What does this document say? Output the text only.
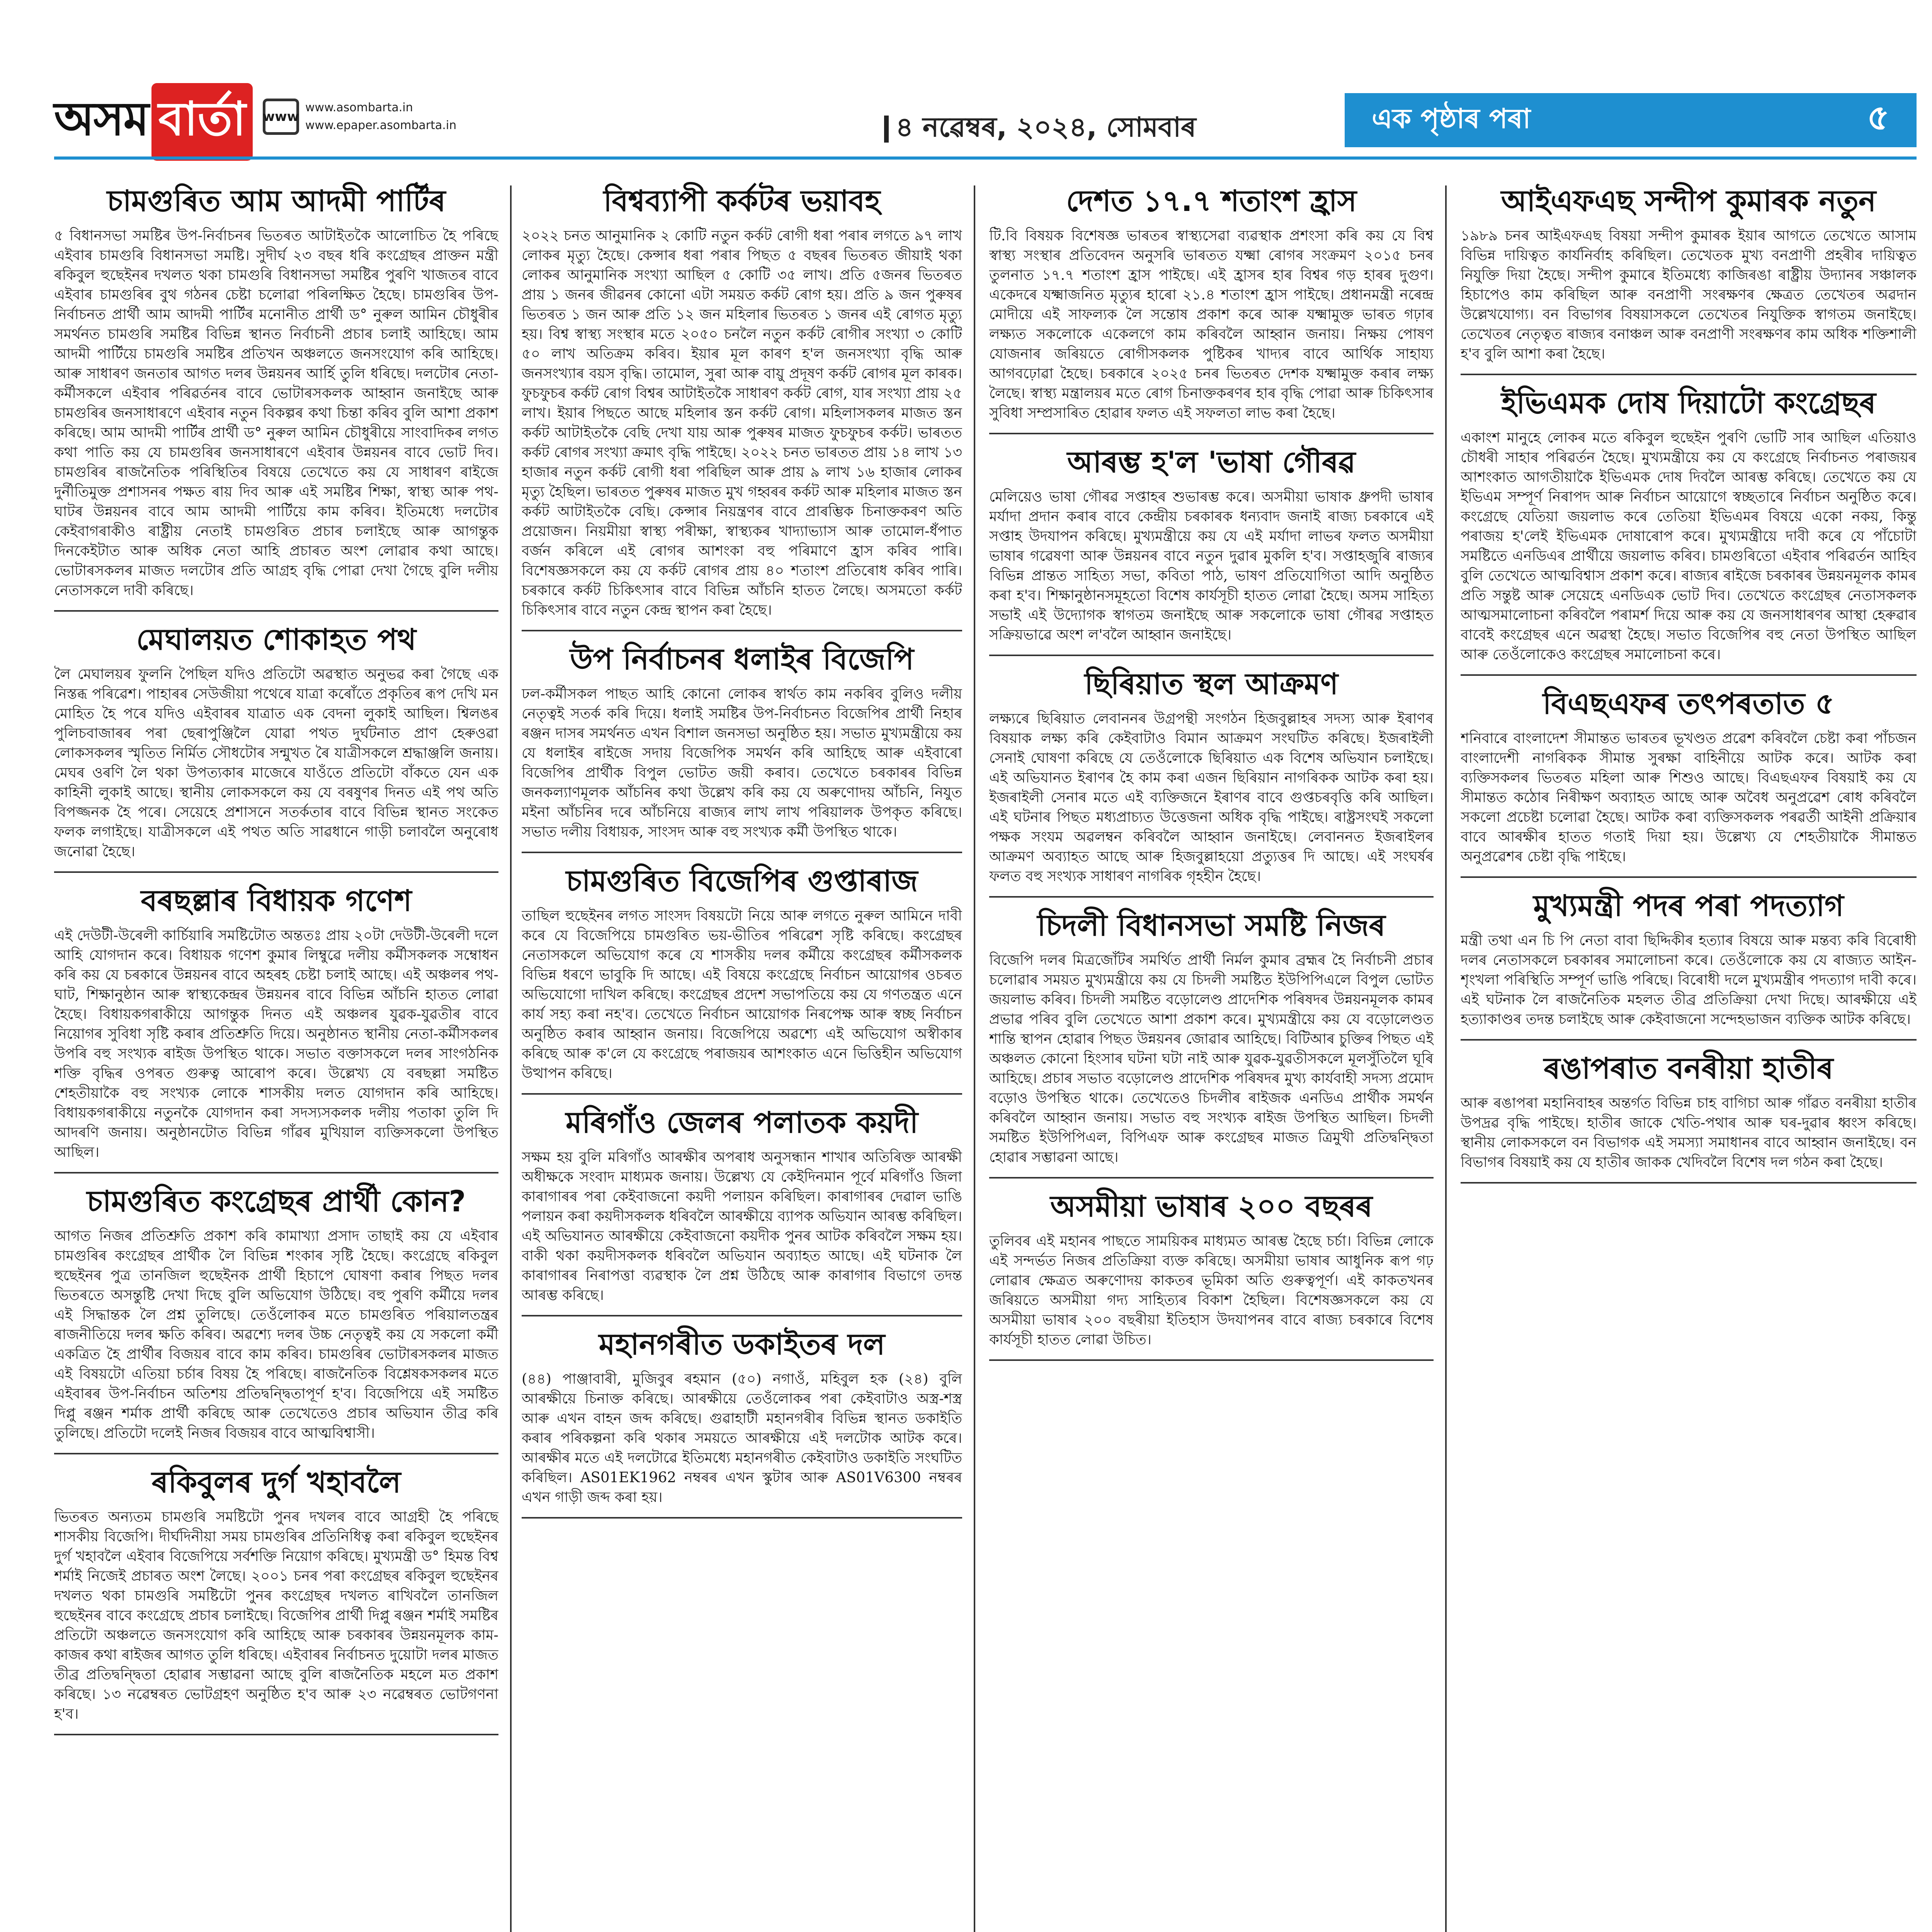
অসম বাৰ্তা	www
www.asombarta.in
www.epaper.asombarta.in	৪ নৱেম্বৰ, ২০২৪, সোমবাৰ	এক পৃষ্ঠাৰ পৰা	৫
চামগুৰিত আম আদমী পাৰ্টিৰ

৫ বিধানসভা সমষ্টিৰ উপ-নিৰ্বাচনৰ ভিতৰত আটাইতকৈ আলোচিত হৈ পৰিছে এইবাৰ চামগুৰি বিধানসভা সমষ্টি। সুদীৰ্ঘ ২৩ বছৰ ধৰি কংগ্ৰেছৰ প্ৰাক্তন মন্ত্ৰী ৰকিবুল হুছেইনৰ দখলত থকা চামগুৰি বিধানসভা সমষ্টিৰ পুৰণি খাজতৰ বাবে এইবাৰ চামগুৰিৰ বুথ গঠনৰ চেষ্টা চলোৱা পৰিলক্ষিত হৈছে। চামগুৰিৰ উপ-নিৰ্বাচনত প্ৰাৰ্থী আম আদমী পাৰ্টিৰ মনোনীত প্ৰাৰ্থী ড° নুৰুল আমিন চৌধুৰীৰ সমৰ্থনত চামগুৰি সমষ্টিৰ বিভিন্ন স্থানত নিৰ্বাচনী প্ৰচাৰ চলাই আহিছে। আম আদমী পাৰ্টিয়ে চামগুৰি সমষ্টিৰ প্ৰতিখন অঞ্চলতে জনসংযোগ কৰি আহিছে। আৰু সাধাৰণ জনতাৰ আগত দলৰ উন্নয়নৰ আৰ্হি তুলি ধৰিছে। দলটোৰ নেতা-কৰ্মীসকলে এইবাৰ পৰিৱৰ্তনৰ বাবে ভোটাৰসকলক আহ্বান জনাইছে আৰু চামগুৰিৰ জনসাধাৰণে এইবাৰ নতুন বিকল্পৰ কথা চিন্তা কৰিব বুলি আশা প্ৰকাশ কৰিছে। আম আদমী পাৰ্টিৰ প্ৰাৰ্থী ড° নুৰুল আমিন চৌধুৰীয়ে সাংবাদিকৰ লগত কথা পাতি কয় যে চামগুৰিৰ জনসাধাৰণে এইবাৰ উন্নয়নৰ বাবে ভোট দিব। চামগুৰিৰ ৰাজনৈতিক পৰিস্থিতিৰ বিষয়ে তেখেতে কয় যে সাধাৰণ ৰাইজে দুৰ্নীতিমুক্ত প্ৰশাসনৰ পক্ষত ৰায় দিব আৰু এই সমষ্টিৰ শিক্ষা, স্বাস্থ্য আৰু পথ-ঘাটৰ উন্নয়নৰ বাবে আম আদমী পাৰ্টিয়ে কাম কৰিব। ইতিমধ্যে দলটোৰ কেইবাগৰাকীও ৰাষ্ট্ৰীয় নেতাই চামগুৰিত প্ৰচাৰ চলাইছে আৰু আগন্তুক দিনকেইটাত আৰু অধিক নেতা আহি প্ৰচাৰত অংশ লোৱাৰ কথা আছে। ভোটাৰসকলৰ মাজত দলটোৰ প্ৰতি আগ্ৰহ বৃদ্ধি পোৱা দেখা গৈছে বুলি দলীয় নেতাসকলে দাবী কৰিছে।

মেঘালয়ত শোকাহত পথ

লৈ মেঘালয়ৰ ফুলনি পৈছিল যদিও প্ৰতিটো অৱস্থাত অনুভৱ কৰা গৈছে এক নিস্তব্ধ পৰিৱেশ। পাহাৰৰ সেউজীয়া পথেৰে যাত্ৰা কৰোঁতে প্ৰকৃতিৰ ৰূপ দেখি মন মোহিত হৈ পৰে যদিও এইবাৰৰ যাত্ৰাত এক বেদনা লুকাই আছিল। শ্বিলঙৰ পুলিচবাজাৰৰ পৰা ছেৰাপুঞ্জিলৈ যোৱা পথত দুৰ্ঘটনাত প্ৰাণ হেৰুওৱা লোকসকলৰ স্মৃতিত নিৰ্মিত সৌধটোৰ সন্মুখত ৰৈ যাত্ৰীসকলে শ্ৰদ্ধাঞ্জলি জনায়। মেঘৰ ওৰণি লৈ থকা উপত্যকাৰ মাজেৰে যাওঁতে প্ৰতিটো বাঁকতে যেন এক কাহিনী লুকাই আছে। স্থানীয় লোকসকলে কয় যে বৰষুণৰ দিনত এই পথ অতি বিপজ্জনক হৈ পৰে। সেয়েহে প্ৰশাসনে সতৰ্কতাৰ বাবে বিভিন্ন স্থানত সংকেত ফলক লগাইছে। যাত্ৰীসকলে এই পথত অতি সাৱধানে গাড়ী চলাবলৈ অনুৰোধ জনোৱা হৈছে।

বৰছল্লাৰ বিধায়ক গণেশ

এই দেউটী-উৰেলী কাৰ্চিয়াৰি সমষ্টিটোত অন্ততঃ প্ৰায় ২০টা দেউটী-উৰেলী দলে আহি যোগদান কৰে। বিধায়ক গণেশ কুমাৰ লিম্বুৱে দলীয় কৰ্মীসকলক সম্বোধন কৰি কয় যে চৰকাৰে উন্নয়নৰ বাবে অহৰহ চেষ্টা চলাই আছে। এই অঞ্চলৰ পথ-ঘাট, শিক্ষানুষ্ঠান আৰু স্বাস্থ্যকেন্দ্ৰৰ উন্নয়নৰ বাবে বিভিন্ন আঁচনি হাতত লোৱা হৈছে। বিধায়কগৰাকীয়ে আগন্তুক দিনত এই অঞ্চলৰ যুৱক-যুৱতীৰ বাবে নিয়োগৰ সুবিধা সৃষ্টি কৰাৰ প্ৰতিশ্ৰুতি দিয়ে। অনুষ্ঠানত স্থানীয় নেতা-কৰ্মীসকলৰ উপৰি বহু সংখ্যক ৰাইজ উপস্থিত থাকে। সভাত বক্তাসকলে দলৰ সাংগঠনিক শক্তি বৃদ্ধিৰ ওপৰত গুৰুত্ব আৰোপ কৰে। উল্লেখ্য যে বৰছল্লা সমষ্টিত শেহতীয়াকৈ বহু সংখ্যক লোকে শাসকীয় দলত যোগদান কৰি আহিছে। বিধায়কগৰাকীয়ে নতুনকৈ যোগদান কৰা সদস্যসকলক দলীয় পতাকা তুলি দি আদৰণি জনায়। অনুষ্ঠানটোত বিভিন্ন গাঁৱৰ মুখিয়াল ব্যক্তিসকলো উপস্থিত আছিল।

চামগুৰিত কংগ্ৰেছৰ প্ৰাৰ্থী কোন?

আগত নিজৰ প্ৰতিশ্ৰুতি প্ৰকাশ কৰি কামাখ্যা প্ৰসাদ তাছাই কয় যে এইবাৰ চামগুৰিৰ কংগ্ৰেছৰ প্ৰাৰ্থীক লৈ বিভিন্ন শংকাৰ সৃষ্টি হৈছে। কংগ্ৰেছে ৰকিবুল হুছেইনৰ পুত্ৰ তানজিল হুছেইনক প্ৰাৰ্থী হিচাপে ঘোষণা কৰাৰ পিছত দলৰ ভিতৰতে অসন্তুষ্টি দেখা দিছে বুলি অভিযোগ উঠিছে। বহু পুৰণি কৰ্মীয়ে দলৰ এই সিদ্ধান্তক লৈ প্ৰশ্ন তুলিছে। তেওঁলোকৰ মতে চামগুৰিত পৰিয়ালতন্ত্ৰৰ ৰাজনীতিয়ে দলৰ ক্ষতি কৰিব। অৱশ্যে দলৰ উচ্চ নেতৃত্বই কয় যে সকলো কৰ্মী একত্ৰিত হৈ প্ৰাৰ্থীৰ বিজয়ৰ বাবে কাম কৰিব। চামগুৰিৰ ভোটাৰসকলৰ মাজত এই বিষয়টো এতিয়া চৰ্চাৰ বিষয় হৈ পৰিছে। ৰাজনৈতিক বিশ্লেষকসকলৰ মতে এইবাৰৰ উপ-নিৰ্বাচন অতিশয় প্ৰতিদ্বন্দ্বিতাপূৰ্ণ হ'ব। বিজেপিয়ে এই সমষ্টিত দিপ্লু ৰঞ্জন শৰ্মাক প্ৰাৰ্থী কৰিছে আৰু তেখেতেও প্ৰচাৰ অভিযান তীব্ৰ কৰি তুলিছে। প্ৰতিটো দলেই নিজৰ বিজয়ৰ বাবে আত্মবিশ্বাসী।

ৰকিবুলৰ দুৰ্গ খহাবলৈ

ভিতৰত অন্যতম চামগুৰি সমষ্টিটো পুনৰ দখলৰ বাবে আগ্ৰহী হৈ পৰিছে শাসকীয় বিজেপি। দীৰ্ঘদিনীয়া সময় চামগুৰিৰ প্ৰতিনিধিত্ব কৰা ৰকিবুল হুছেইনৰ দুৰ্গ খহাবলৈ এইবাৰ বিজেপিয়ে সৰ্বশক্তি নিয়োগ কৰিছে। মুখ্যমন্ত্ৰী ড° হিমন্ত বিশ্ব শৰ্মাই নিজেই প্ৰচাৰত অংশ লৈছে। ২০০১ চনৰ পৰা কংগ্ৰেছৰ ৰকিবুল হুছেইনৰ দখলত থকা চামগুৰি সমষ্টিটো পুনৰ কংগ্ৰেছৰ দখলত ৰাখিবলৈ তানজিল হুছেইনৰ বাবে কংগ্ৰেছে প্ৰচাৰ চলাইছে। বিজেপিৰ প্ৰাৰ্থী দিপ্লু ৰঞ্জন শৰ্মাই সমষ্টিৰ প্ৰতিটো অঞ্চলতে জনসংযোগ কৰি আহিছে আৰু চৰকাৰৰ উন্নয়নমূলক কাম-কাজৰ কথা ৰাইজৰ আগত তুলি ধৰিছে। এইবাৰৰ নিৰ্বাচনত দুয়োটা দলৰ মাজত তীব্ৰ প্ৰতিদ্বন্দ্বিতা হোৱাৰ সম্ভাৱনা আছে বুলি ৰাজনৈতিক মহলে মত প্ৰকাশ কৰিছে। ১৩ নৱেম্বৰত ভোটগ্ৰহণ অনুষ্ঠিত হ'ব আৰু ২৩ নৱেম্বৰত ভোটগণনা হ'ব।

বিশ্বব্যাপী কৰ্কটৰ ভয়াবহ

২০২২ চনত আনুমানিক ২ কোটি নতুন কৰ্কট ৰোগী ধৰা পৰাৰ লগতে ৯৭ লাখ লোকৰ মৃত্যু হৈছে। কেন্সাৰ ধৰা পৰাৰ পিছত ৫ বছৰৰ ভিতৰত জীয়াই থকা লোকৰ আনুমানিক সংখ্যা আছিল ৫ কোটি ৩৫ লাখ। প্ৰতি ৫জনৰ ভিতৰত প্ৰায় ১ জনৰ জীৱনৰ কোনো এটা সময়ত কৰ্কট ৰোগ হয়। প্ৰতি ৯ জন পুৰুষৰ ভিতৰত ১ জন আৰু প্ৰতি ১২ জন মহিলাৰ ভিতৰত ১ জনৰ এই ৰোগত মৃত্যু হয়। বিশ্ব স্বাস্থ্য সংস্থাৰ মতে ২০৫০ চনলৈ নতুন কৰ্কট ৰোগীৰ সংখ্যা ৩ কোটি ৫০ লাখ অতিক্ৰম কৰিব। ইয়াৰ মূল কাৰণ হ'ল জনসংখ্যা বৃদ্ধি আৰু জনসংখ্যাৰ বয়স বৃদ্ধি। তামোল, সুৰা আৰু বায়ু প্ৰদূষণ কৰ্কট ৰোগৰ মূল কাৰক। ফুচফুচৰ কৰ্কট ৰোগ বিশ্বৰ আটাইতকৈ সাধাৰণ কৰ্কট ৰোগ, যাৰ সংখ্যা প্ৰায় ২৫ লাখ। ইয়াৰ পিছতে আছে মহিলাৰ স্তন কৰ্কট ৰোগ। মহিলাসকলৰ মাজত স্তন কৰ্কট আটাইতকৈ বেছি দেখা যায় আৰু পুৰুষৰ মাজত ফুচফুচৰ কৰ্কট। ভাৰতত কৰ্কট ৰোগৰ সংখ্যা ক্ৰমাৎ বৃদ্ধি পাইছে। ২০২২ চনত ভাৰতত প্ৰায় ১৪ লাখ ১৩ হাজাৰ নতুন কৰ্কট ৰোগী ধৰা পৰিছিল আৰু প্ৰায় ৯ লাখ ১৬ হাজাৰ লোকৰ মৃত্যু হৈছিল। ভাৰতত পুৰুষৰ মাজত মুখ গহ্বৰৰ কৰ্কট আৰু মহিলাৰ মাজত স্তন কৰ্কট আটাইতকৈ বেছি। কেন্সাৰ নিয়ন্ত্ৰণৰ বাবে প্ৰাৰম্ভিক চিনাক্তকৰণ অতি প্ৰয়োজন। নিয়মীয়া স্বাস্থ্য পৰীক্ষা, স্বাস্থ্যকৰ খাদ্যাভ্যাস আৰু তামোল-ধঁপাত বৰ্জন কৰিলে এই ৰোগৰ আশংকা বহু পৰিমাণে হ্ৰাস কৰিব পাৰি। বিশেষজ্ঞসকলে কয় যে কৰ্কট ৰোগৰ প্ৰায় ৪০ শতাংশ প্ৰতিৰোধ কৰিব পাৰি। চৰকাৰে কৰ্কট চিকিৎসাৰ বাবে বিভিন্ন আঁচনি হাতত লৈছে। অসমতো কৰ্কট চিকিৎসাৰ বাবে নতুন কেন্দ্ৰ স্থাপন কৰা হৈছে।

উপ নিৰ্বাচনৰ ধলাইৰ বিজেপি

ঢল-কৰ্মীসকল পাছত আহি কোনো লোকৰ স্বাৰ্থত কাম নকৰিব বুলিও দলীয় নেতৃত্বই সতৰ্ক কৰি দিয়ে। ধলাই সমষ্টিৰ উপ-নিৰ্বাচনত বিজেপিৰ প্ৰাৰ্থী নিহাৰ ৰঞ্জন দাসৰ সমৰ্থনত এখন বিশাল জনসভা অনুষ্ঠিত হয়। সভাত মুখ্যমন্ত্ৰীয়ে কয় যে ধলাইৰ ৰাইজে সদায় বিজেপিক সমৰ্থন কৰি আহিছে আৰু এইবাৰো বিজেপিৰ প্ৰাৰ্থীক বিপুল ভোটত জয়ী কৰাব। তেখেতে চৰকাৰৰ বিভিন্ন জনকল্যাণমূলক আঁচনিৰ কথা উল্লেখ কৰি কয় যে অৰুণোদয় আঁচনি, নিযুত মইনা আঁচনিৰ দৰে আঁচনিয়ে ৰাজ্যৰ লাখ লাখ পৰিয়ালক উপকৃত কৰিছে। সভাত দলীয় বিধায়ক, সাংসদ আৰু বহু সংখ্যক কৰ্মী উপস্থিত থাকে।

চামগুৰিত বিজেপিৰ গুপ্তাৰাজ

তাছিল হুছেইনৰ লগত সাংসদ বিষয়টো নিয়ে আৰু লগতে নুৰুল আমিনে দাবী কৰে যে বিজেপিয়ে চামগুৰিত ভয়-ভীতিৰ পৰিৱেশ সৃষ্টি কৰিছে। কংগ্ৰেছৰ নেতাসকলে অভিযোগ কৰে যে শাসকীয় দলৰ কৰ্মীয়ে কংগ্ৰেছৰ কৰ্মীসকলক বিভিন্ন ধৰণে ভাবুকি দি আছে। এই বিষয়ে কংগ্ৰেছে নিৰ্বাচন আয়োগৰ ওচৰত অভিযোগো দাখিল কৰিছে। কংগ্ৰেছৰ প্ৰদেশ সভাপতিয়ে কয় যে গণতন্ত্ৰত এনে কাৰ্য সহ্য কৰা নহ'ব। তেখেতে নিৰ্বাচন আয়োগক নিৰপেক্ষ আৰু স্বচ্ছ নিৰ্বাচন অনুষ্ঠিত কৰাৰ আহ্বান জনায়। বিজেপিয়ে অৱশ্যে এই অভিযোগ অস্বীকাৰ কৰিছে আৰু ক'লে যে কংগ্ৰেছে পৰাজয়ৰ আশংকাত এনে ভিত্তিহীন অভিযোগ উত্থাপন কৰিছে।

মৰিগাঁও জেলৰ পলাতক কয়দী

সক্ষম হয় বুলি মৰিগাঁও আৰক্ষীৰ অপৰাধ অনুসন্ধান শাখাৰ অতিৰিক্ত আৰক্ষী অধীক্ষকে সংবাদ মাধ্যমক জনায়। উল্লেখ্য যে কেইদিনমান পূৰ্বে মৰিগাঁও জিলা কাৰাগাৰৰ পৰা কেইবাজনো কয়দী পলায়ন কৰিছিল। কাৰাগাৰৰ দেৱাল ভাঙি পলায়ন কৰা কয়দীসকলক ধৰিবলৈ আৰক্ষীয়ে ব্যাপক অভিযান আৰম্ভ কৰিছিল। এই অভিযানত আৰক্ষীয়ে কেইবাজনো কয়দীক পুনৰ আটক কৰিবলৈ সক্ষম হয়। বাকী থকা কয়দীসকলক ধৰিবলৈ অভিযান অব্যাহত আছে। এই ঘটনাক লৈ কাৰাগাৰৰ নিৰাপত্তা ব্যৱস্থাক লৈ প্ৰশ্ন উঠিছে আৰু কাৰাগাৰ বিভাগে তদন্ত আৰম্ভ কৰিছে।

মহানগৰীত ডকাইতৰ দল

(৪৪) পাঞ্জাবাৰী, মুজিবুৰ ৰহমান (৫০) নগাওঁ, মহিবুল হক (২৪) বুলি আৰক্ষীয়ে চিনাক্ত কৰিছে। আৰক্ষীয়ে তেওঁলোকৰ পৰা কেইবাটাও অস্ত্ৰ-শস্ত্ৰ আৰু এখন বাহন জব্দ কৰিছে। গুৱাহাটী মহানগৰীৰ বিভিন্ন স্থানত ডকাইতি কৰাৰ পৰিকল্পনা কৰি থকাৰ সময়তে আৰক্ষীয়ে এই দলটোক আটক কৰে। আৰক্ষীৰ মতে এই দলটোৱে ইতিমধ্যে মহানগৰীত কেইবাটাও ডকাইতি সংঘটিত কৰিছিল। AS01EK1962 নম্বৰৰ এখন স্কুটাৰ আৰু AS01V6300 নম্বৰৰ এখন গাড়ী জব্দ কৰা হয়।

দেশত ১৭.৭ শতাংশ হ্ৰাস

টি.বি বিষয়ক বিশেষজ্ঞ ভাৰতৰ স্বাস্থ্যসেৱা ব্যৱস্থাক প্ৰশংসা কৰি কয় যে বিশ্ব স্বাস্থ্য সংস্থাৰ প্ৰতিবেদন অনুসৰি ভাৰতত যক্ষ্মা ৰোগৰ সংক্ৰমণ ২০১৫ চনৰ তুলনাত ১৭.৭ শতাংশ হ্ৰাস পাইছে। এই হ্ৰাসৰ হাৰ বিশ্বৰ গড় হাৰৰ দুগুণ। একেদৰে যক্ষ্মাজনিত মৃত্যুৰ হাৰো ২১.৪ শতাংশ হ্ৰাস পাইছে। প্ৰধানমন্ত্ৰী নৰেন্দ্ৰ মোদীয়ে এই সাফল্যক লৈ সন্তোষ প্ৰকাশ কৰে আৰু যক্ষ্মামুক্ত ভাৰত গঢ়াৰ লক্ষ্যত সকলোকে একেলগে কাম কৰিবলৈ আহ্বান জনায়। নিক্ষয় পোষণ যোজনাৰ জৰিয়তে ৰোগীসকলক পুষ্টিকৰ খাদ্যৰ বাবে আৰ্থিক সাহায্য আগবঢ়োৱা হৈছে। চৰকাৰে ২০২৫ চনৰ ভিতৰত দেশক যক্ষ্মামুক্ত কৰাৰ লক্ষ্য লৈছে। স্বাস্থ্য মন্ত্ৰালয়ৰ মতে ৰোগ চিনাক্তকৰণৰ হাৰ বৃদ্ধি পোৱা আৰু চিকিৎসাৰ সুবিধা সম্প্ৰসাৰিত হোৱাৰ ফলত এই সফলতা লাভ কৰা হৈছে।

আৰম্ভ হ'ল 'ভাষা গৌৰৱ

মেলিয়েও ভাষা গৌৰৱ সপ্তাহৰ শুভাৰম্ভ কৰে। অসমীয়া ভাষাক ধ্ৰুপদী ভাষাৰ মৰ্যাদা প্ৰদান কৰাৰ বাবে কেন্দ্ৰীয় চৰকাৰক ধন্যবাদ জনাই ৰাজ্য চৰকাৰে এই সপ্তাহ উদযাপন কৰিছে। মুখ্যমন্ত্ৰীয়ে কয় যে এই মৰ্যাদা লাভৰ ফলত অসমীয়া ভাষাৰ গৱেষণা আৰু উন্নয়নৰ বাবে নতুন দুৱাৰ মুকলি হ'ব। সপ্তাহজুৰি ৰাজ্যৰ বিভিন্ন প্ৰান্তত সাহিত্য সভা, কবিতা পাঠ, ভাষণ প্ৰতিযোগিতা আদি অনুষ্ঠিত কৰা হ'ব। শিক্ষানুষ্ঠানসমূহতো বিশেষ কাৰ্যসূচী হাতত লোৱা হৈছে। অসম সাহিত্য সভাই এই উদ্যোগক স্বাগতম জনাইছে আৰু সকলোকে ভাষা গৌৰৱ সপ্তাহত সক্ৰিয়ভাৱে অংশ ল'বলৈ আহ্বান জনাইছে।

ছিৰিয়াত স্থল আক্ৰমণ

লক্ষ্যৰে ছিৰিয়াত লেবাননৰ উগ্ৰপন্থী সংগঠন হিজবুল্লাহৰ সদস্য আৰু ইৰাণৰ বিষয়াক লক্ষ্য কৰি কেইবাটাও বিমান আক্ৰমণ সংঘটিত কৰিছে। ইজৰাইলী সেনাই ঘোষণা কৰিছে যে তেওঁলোকে ছিৰিয়াত এক বিশেষ অভিযান চলাইছে। এই অভিযানত ইৰাণৰ হৈ কাম কৰা এজন ছিৰিয়ান নাগৰিকক আটক কৰা হয়। ইজৰাইলী সেনাৰ মতে এই ব্যক্তিজনে ইৰাণৰ বাবে গুপ্তচৰবৃত্তি কৰি আছিল। এই ঘটনাৰ পিছত মধ্যপ্ৰাচ্যত উত্তেজনা অধিক বৃদ্ধি পাইছে। ৰাষ্ট্ৰসংঘই সকলো পক্ষক সংযম অৱলম্বন কৰিবলৈ আহ্বান জনাইছে। লেবাননত ইজৰাইলৰ আক্ৰমণ অব্যাহত আছে আৰু হিজবুল্লাহয়ো প্ৰত্যুত্তৰ দি আছে। এই সংঘৰ্ষৰ ফলত বহু সংখ্যক সাধাৰণ নাগৰিক গৃহহীন হৈছে।

চিদলী বিধানসভা সমষ্টি নিজৰ

বিজেপি দলৰ মিত্ৰজোঁটৰ সমৰ্থিত প্ৰাৰ্থী নিৰ্মল কুমাৰ ব্ৰহ্মৰ হৈ নিৰ্বাচনী প্ৰচাৰ চলোৱাৰ সময়ত মুখ্যমন্ত্ৰীয়ে কয় যে চিদলী সমষ্টিত ইউপিপিএলে বিপুল ভোটত জয়লাভ কৰিব। চিদলী সমষ্টিত বড়োলেণ্ড প্ৰাদেশিক পৰিষদৰ উন্নয়নমূলক কামৰ প্ৰভাৱ পৰিব বুলি তেখেতে আশা প্ৰকাশ কৰে। মুখ্যমন্ত্ৰীয়ে কয় যে বড়োলেণ্ডত শান্তি স্থাপন হোৱাৰ পিছত উন্নয়নৰ জোৱাৰ আহিছে। বিটিআৰ চুক্তিৰ পিছত এই অঞ্চলত কোনো হিংসাৰ ঘটনা ঘটা নাই আৰু যুৱক-যুৱতীসকলে মূলসুঁতিলৈ ঘূৰি আহিছে। প্ৰচাৰ সভাত বড়োলেণ্ড প্ৰাদেশিক পৰিষদৰ মুখ্য কাৰ্যবাহী সদস্য প্ৰমোদ বড়োও উপস্থিত থাকে। তেখেতেও চিদলীৰ ৰাইজক এনডিএ প্ৰাৰ্থীক সমৰ্থন কৰিবলৈ আহ্বান জনায়। সভাত বহু সংখ্যক ৰাইজ উপস্থিত আছিল। চিদলী সমষ্টিত ইউপিপিএল, বিপিএফ আৰু কংগ্ৰেছৰ মাজত ত্ৰিমুখী প্ৰতিদ্বন্দ্বিতা হোৱাৰ সম্ভাৱনা আছে।

অসমীয়া ভাষাৰ ২০০ বছৰৰ

তুলিবৰ এই মহানৰ পাছতে সাময়িকৰ মাধ্যমত আৰম্ভ হৈছে চৰ্চা। বিভিন্ন লোকে এই সন্দৰ্ভত নিজৰ প্ৰতিক্ৰিয়া ব্যক্ত কৰিছে। অসমীয়া ভাষাৰ আধুনিক ৰূপ গঢ় লোৱাৰ ক্ষেত্ৰত অৰুণোদয় কাকতৰ ভূমিকা অতি গুৰুত্বপূৰ্ণ। এই কাকতখনৰ জৰিয়তে অসমীয়া গদ্য সাহিত্যৰ বিকাশ হৈছিল। বিশেষজ্ঞসকলে কয় যে অসমীয়া ভাষাৰ ২০০ বছৰীয়া ইতিহাস উদযাপনৰ বাবে ৰাজ্য চৰকাৰে বিশেষ কাৰ্যসূচী হাতত লোৱা উচিত।

আইএফএছ সন্দীপ কুমাৰক নতুন

১৯৮৯ চনৰ আইএফএছ বিষয়া সন্দীপ কুমাৰক ইয়াৰ আগতে তেখেতে আসাম বিভিন্ন দায়িত্বত কাৰ্যনিৰ্বাহ কৰিছিল। তেখেতক মুখ্য বনপ্ৰাণী প্ৰহৰীৰ দায়িত্বত নিযুক্তি দিয়া হৈছে। সন্দীপ কুমাৰে ইতিমধ্যে কাজিৰঙা ৰাষ্ট্ৰীয় উদ্যানৰ সঞ্চালক হিচাপেও কাম কৰিছিল আৰু বনপ্ৰাণী সংৰক্ষণৰ ক্ষেত্ৰত তেখেতৰ অৱদান উল্লেখযোগ্য। বন বিভাগৰ বিষয়াসকলে তেখেতৰ নিযুক্তিক স্বাগতম জনাইছে। তেখেতৰ নেতৃত্বত ৰাজ্যৰ বনাঞ্চল আৰু বনপ্ৰাণী সংৰক্ষণৰ কাম অধিক শক্তিশালী হ'ব বুলি আশা কৰা হৈছে।

ইভিএমক দোষ দিয়াটো কংগ্ৰেছৰ

একাংশ মানুহে লোকৰ মতে ৰকিবুল হুছেইন পুৰণি ভোটি সাৰ আছিল এতিয়াও চৌধৰী সাহাৰ পৰিৱৰ্তন হৈছে। মুখ্যমন্ত্ৰীয়ে কয় যে কংগ্ৰেছে নিৰ্বাচনত পৰাজয়ৰ আশংকাত আগতীয়াকৈ ইভিএমক দোষ দিবলৈ আৰম্ভ কৰিছে। তেখেতে কয় যে ইভিএম সম্পূৰ্ণ নিৰাপদ আৰু নিৰ্বাচন আয়োগে স্বচ্ছতাৰে নিৰ্বাচন অনুষ্ঠিত কৰে। কংগ্ৰেছে যেতিয়া জয়লাভ কৰে তেতিয়া ইভিএমৰ বিষয়ে একো নকয়, কিন্তু পৰাজয় হ'লেই ইভিএমক দোষাৰোপ কৰে। মুখ্যমন্ত্ৰীয়ে দাবী কৰে যে পাঁচোটা সমষ্টিতে এনডিএৰ প্ৰাৰ্থীয়ে জয়লাভ কৰিব। চামগুৰিতো এইবাৰ পৰিৱৰ্তন আহিব বুলি তেখেতে আত্মবিশ্বাস প্ৰকাশ কৰে। ৰাজ্যৰ ৰাইজে চৰকাৰৰ উন্নয়নমূলক কামৰ প্ৰতি সন্তুষ্ট আৰু সেয়েহে এনডিএক ভোট দিব। তেখেতে কংগ্ৰেছৰ নেতাসকলক আত্মসমালোচনা কৰিবলৈ পৰামৰ্শ দিয়ে আৰু কয় যে জনসাধাৰণৰ আস্থা হেৰুৱাৰ বাবেই কংগ্ৰেছৰ এনে অৱস্থা হৈছে। সভাত বিজেপিৰ বহু নেতা উপস্থিত আছিল আৰু তেওঁলোকেও কংগ্ৰেছৰ সমালোচনা কৰে।

বিএছএফৰ তৎপৰতাত ৫

শনিবাৰে বাংলাদেশ সীমান্তত ভাৰতৰ ভূখণ্ডত প্ৰৱেশ কৰিবলৈ চেষ্টা কৰা পাঁচজন বাংলাদেশী নাগৰিকক সীমান্ত সুৰক্ষা বাহিনীয়ে আটক কৰে। আটক কৰা ব্যক্তিসকলৰ ভিতৰত মহিলা আৰু শিশুও আছে। বিএছএফৰ বিষয়াই কয় যে সীমান্তত কঠোৰ নিৰীক্ষণ অব্যাহত আছে আৰু অবৈধ অনুপ্ৰৱেশ ৰোধ কৰিবলৈ সকলো প্ৰচেষ্টা চলোৱা হৈছে। আটক কৰা ব্যক্তিসকলক পৰৱৰ্তী আইনী প্ৰক্ৰিয়াৰ বাবে আৰক্ষীৰ হাতত গতাই দিয়া হয়। উল্লেখ্য যে শেহতীয়াকৈ সীমান্তত অনুপ্ৰৱেশৰ চেষ্টা বৃদ্ধি পাইছে।

মুখ্যমন্ত্ৰী পদৰ পৰা পদত্যাগ

মন্ত্ৰী তথা এন চি পি নেতা বাবা ছিদ্দিকীৰ হত্যাৰ বিষয়ে আৰু মন্তব্য কৰি বিৰোধী দলৰ নেতাসকলে চৰকাৰৰ সমালোচনা কৰে। তেওঁলোকে কয় যে ৰাজ্যত আইন-শৃংখলা পৰিস্থিতি সম্পূৰ্ণ ভাঙি পৰিছে। বিৰোধী দলে মুখ্যমন্ত্ৰীৰ পদত্যাগ দাবী কৰে। এই ঘটনাক লৈ ৰাজনৈতিক মহলত তীব্ৰ প্ৰতিক্ৰিয়া দেখা দিছে। আৰক্ষীয়ে এই হত্যাকাণ্ডৰ তদন্ত চলাইছে আৰু কেইবাজনো সন্দেহভাজন ব্যক্তিক আটক কৰিছে।

ৰঙাপৰাত বনৰীয়া হাতীৰ

আৰু ৰঙাপৰা মহানিবাহৰ অন্তৰ্গত বিভিন্ন চাহ বাগিচা আৰু গাঁৱত বনৰীয়া হাতীৰ উপদ্ৰৱ বৃদ্ধি পাইছে। হাতীৰ জাকে খেতি-পথাৰ আৰু ঘৰ-দুৱাৰ ধ্বংস কৰিছে। স্থানীয় লোকসকলে বন বিভাগক এই সমস্যা সমাধানৰ বাবে আহ্বান জনাইছে। বন বিভাগৰ বিষয়াই কয় যে হাতীৰ জাকক খেদিবলৈ বিশেষ দল গঠন কৰা হৈছে।
